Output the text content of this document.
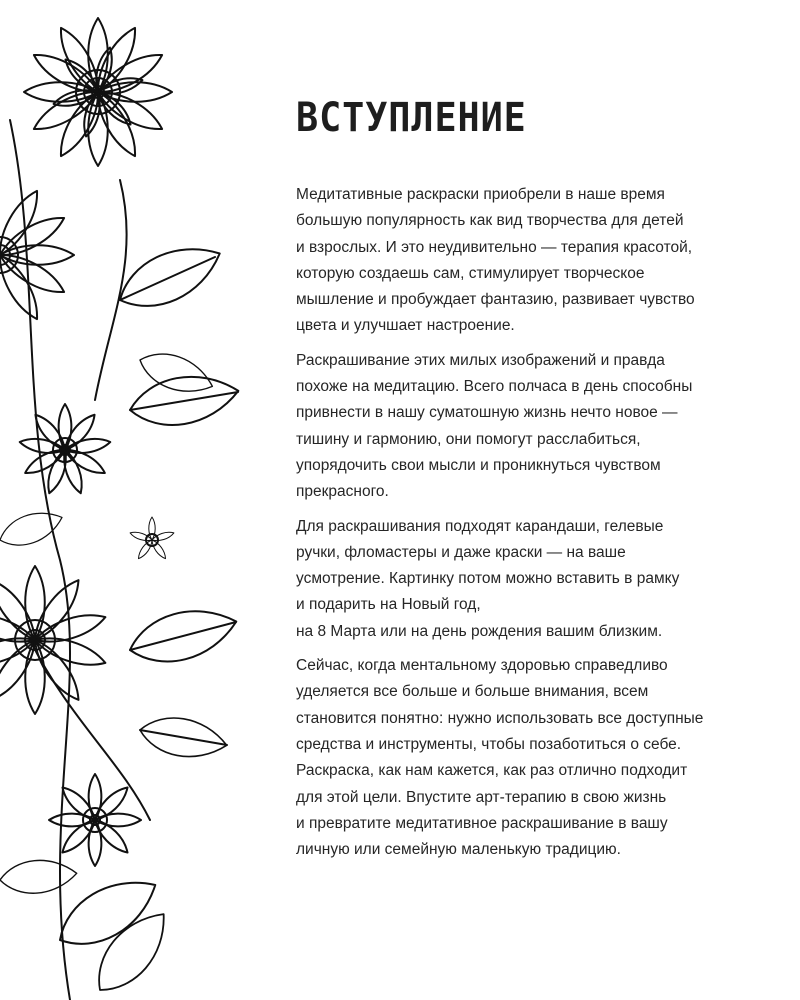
ВСТУПЛЕНИЕ

Медитативные раскраски приобрели в наше время
большую популярность как вид творчества для детей
и взрослых. И это неудивительно — терапия красотой,
которую создаешь сам, стимулирует творческое
мышление и пробуждает фантазию, развивает чувство
цвета и улучшает настроение.

Раскрашивание этих милых изображений и правда
похоже на медитацию. Всего полчаса в день способны
привнести в нашу суматошную жизнь нечто новое —
тишину и гармонию, они помогут расслабиться,
упорядочить свои мысли и проникнуться чувством
прекрасного.

Для раскрашивания подходят карандаши, гелевые
ручки, фломастеры и даже краски — на ваше
усмотрение. Картинку потом можно вставить в рамку
и подарить на Новый год,
на 8 Марта или на день рождения вашим близким.

Сейчас, когда ментальному здоровью справедливо
уделяется все больше и больше внимания, всем
становится понятно: нужно использовать все доступные
средства и инструменты, чтобы позаботиться о себе.
Раскраска, как нам кажется, как раз отлично подходит
для этой цели. Впустите арт-терапию в свою жизнь
и превратите медитативное раскрашивание в вашу
личную или семейную маленькую традицию.
